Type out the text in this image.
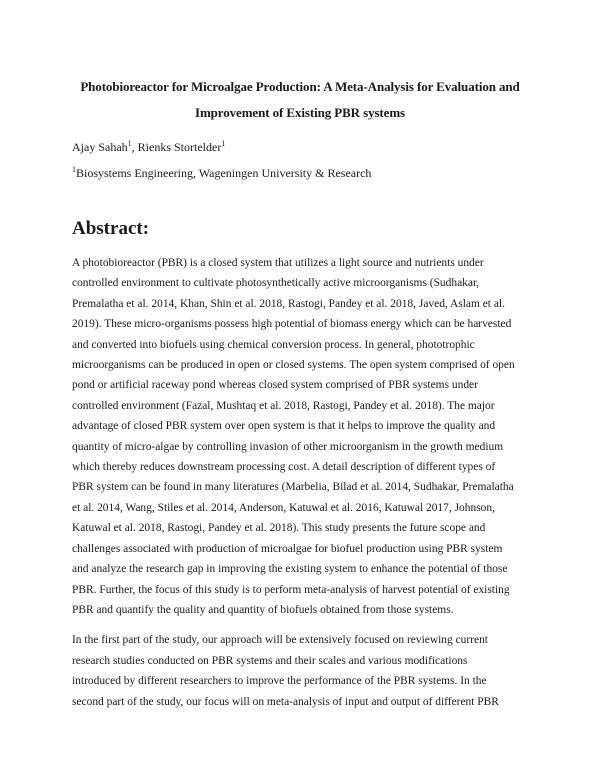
Photobioreactor for Microalgae Production: A Meta-Analysis for Evaluation and
Improvement of Existing PBR systems

Ajay Sahah$^1$, Rienks Stortelder$^1$

$^1$Biosystems Engineering, Wageningen University & Research

Abstract:

A photobioreactor (PBR) is a closed system that utilizes a light source and nutrients under
controlled environment to cultivate photosynthetically active microorganisms (Sudhakar,
Premalatha et al. 2014, Khan, Shin et al. 2018, Rastogi, Pandey et al. 2018, Javed, Aslam et al.
2019). These micro-organisms possess high potential of biomass energy which can be harvested
and converted into biofuels using chemical conversion process. In general, phototrophic
microorganisms can be produced in open or closed systems. The open system comprised of open
pond or artificial raceway pond whereas closed system comprised of PBR systems under
controlled environment (Fazal, Mushtaq et al. 2018, Rastogi, Pandey et al. 2018). The major
advantage of closed PBR system over open system is that it helps to improve the quality and
quantity of micro-algae by controlling invasion of other microorganism in the growth medium
which thereby reduces downstream processing cost. A detail description of different types of
PBR system can be found in many literatures (Marbelia, Bilad et al. 2014, Sudhakar, Premalatha
et al. 2014, Wang, Stiles et al. 2014, Anderson, Katuwal et al. 2016, Katuwal 2017, Johnson,
Katuwal et al. 2018, Rastogi, Pandey et al. 2018). This study presents the future scope and
challenges associated with production of microalgae for biofuel production using PBR system
and analyze the research gap in improving the existing system to enhance the potential of those
PBR. Further, the focus of this study is to perform meta-analysis of harvest potential of existing
PBR and quantify the quality and quantity of biofuels obtained from those systems.

In the first part of the study, our approach will be extensively focused on reviewing current
research studies conducted on PBR systems and their scales and various modifications
introduced by different researchers to improve the performance of the PBR systems. In the
second part of the study, our focus will on meta-analysis of input and output of different PBR
